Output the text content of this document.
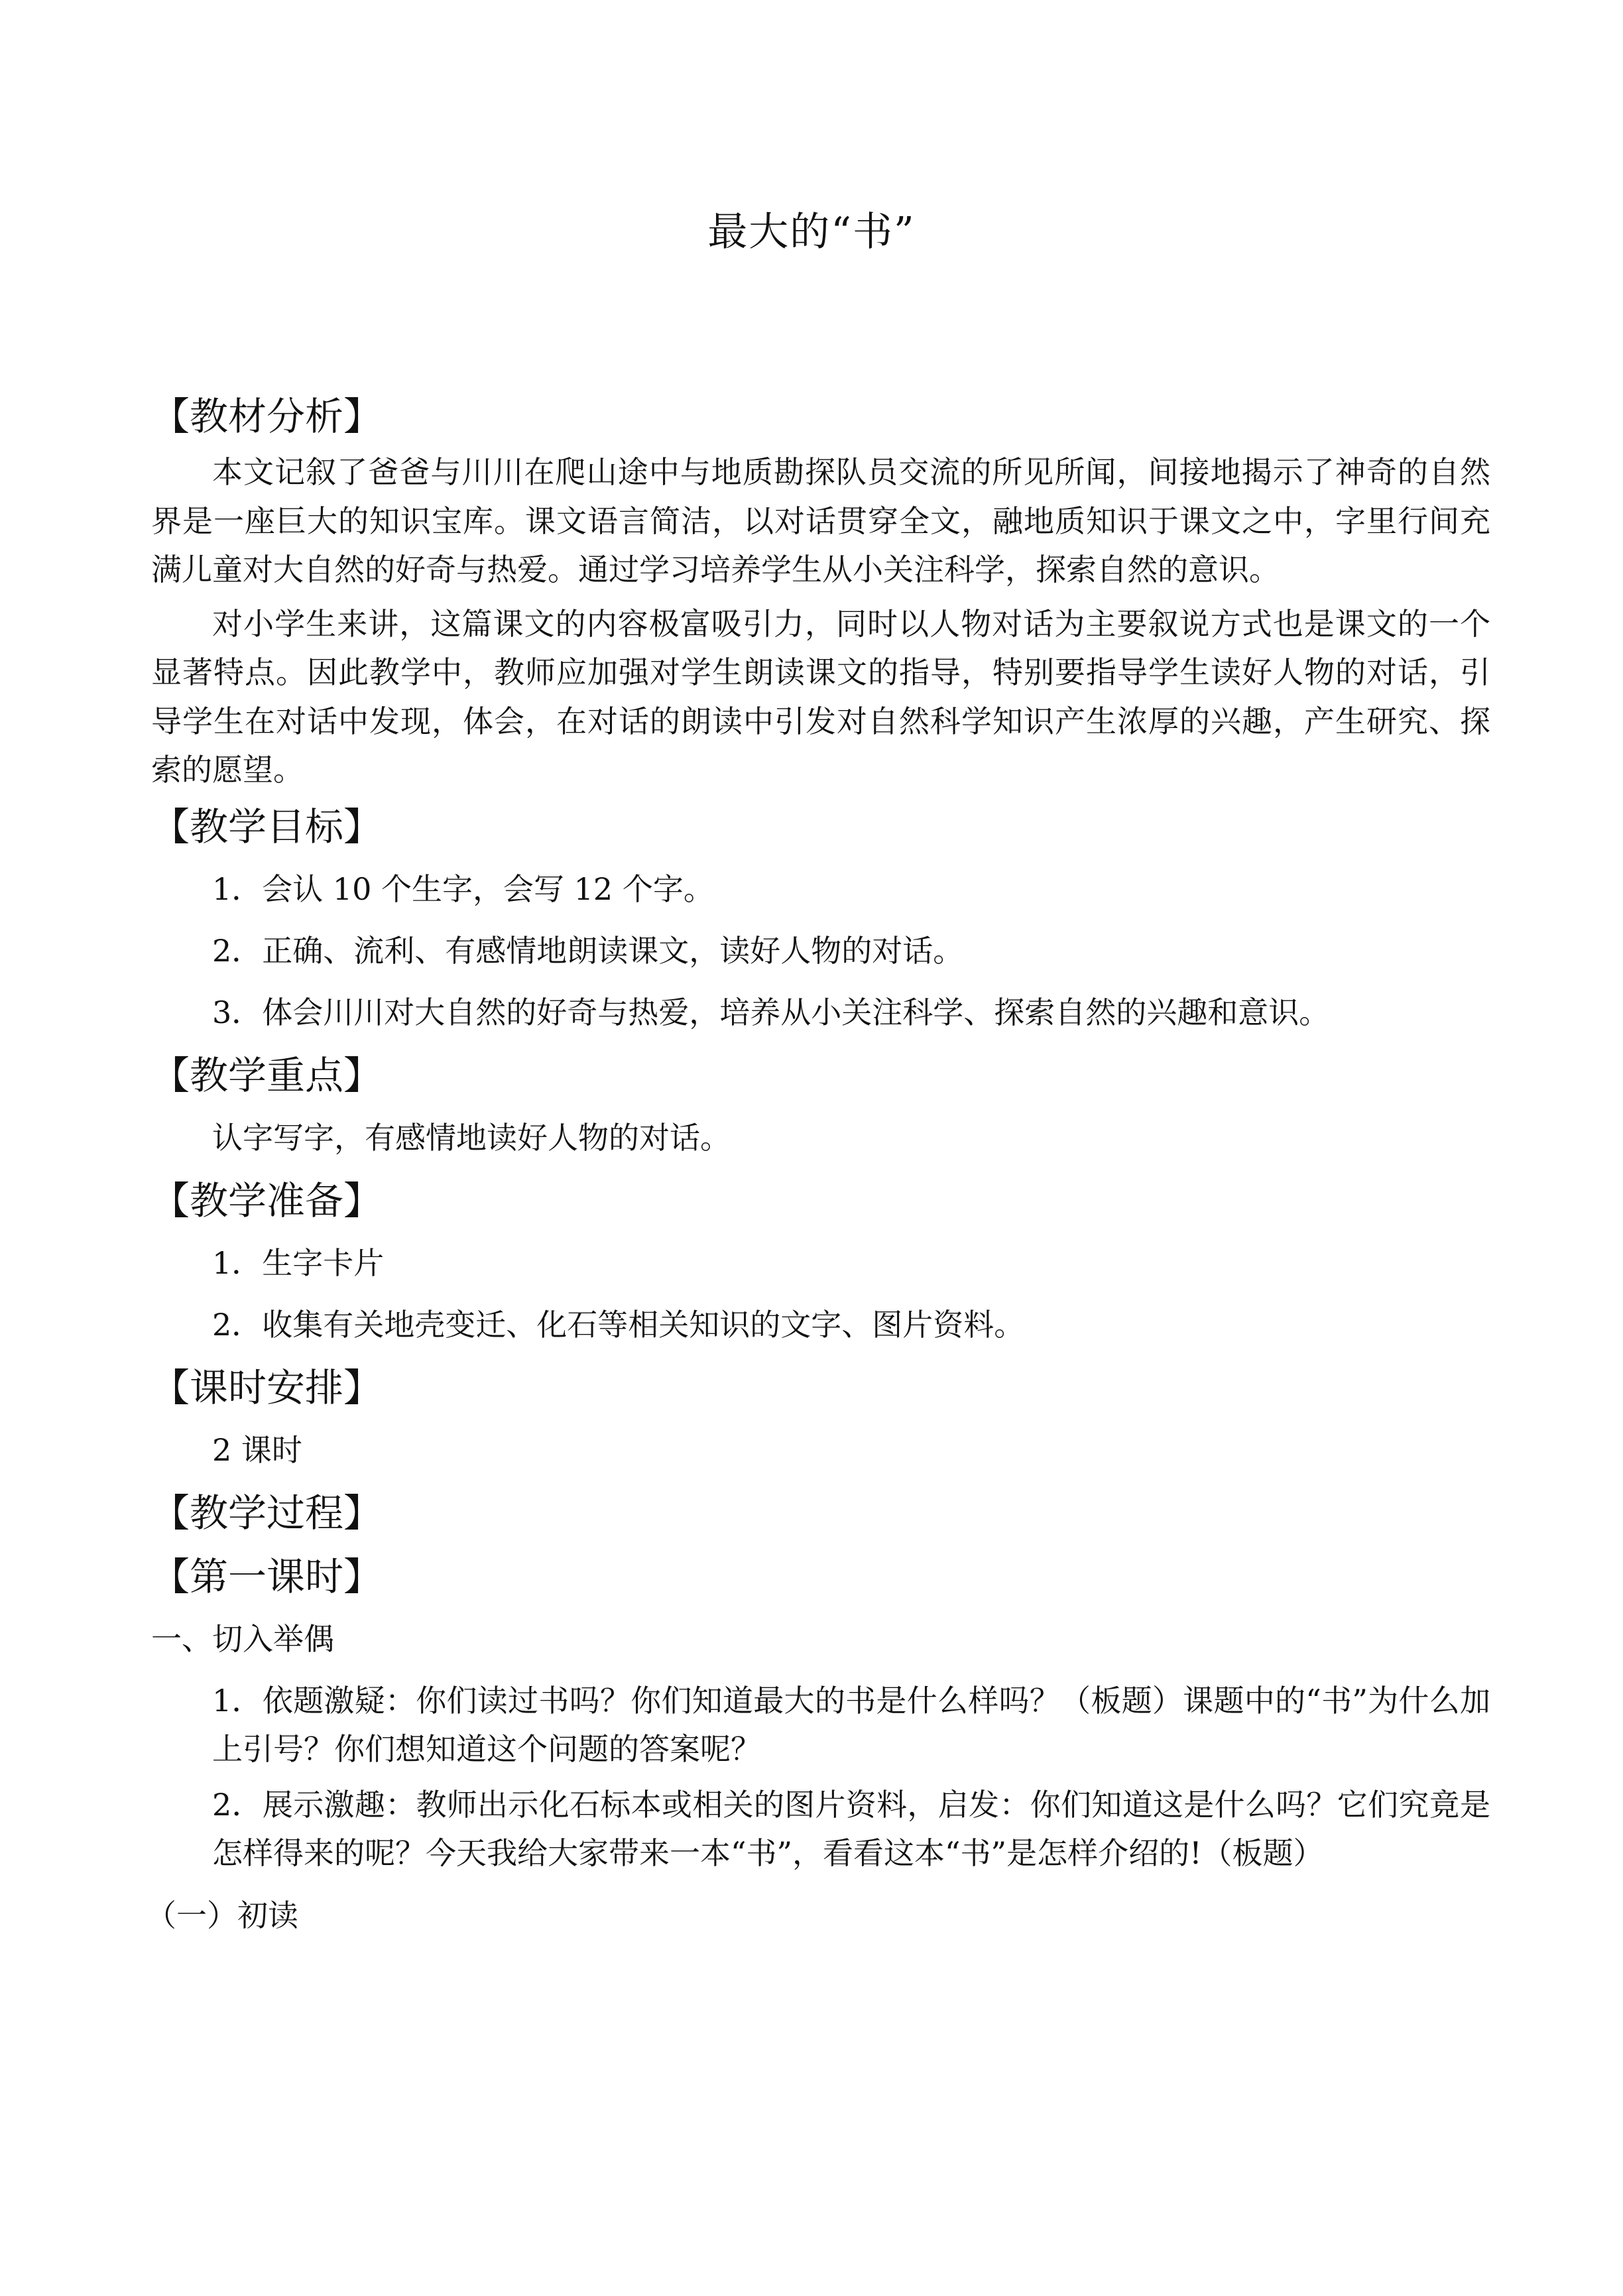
最大的“书”
【教材分析】

本文记叙了爸爸与川川在爬山途中与地质勘探队员交流的所见所闻，间接地揭示了神奇的自然界是一座巨大的知识宝库。课文语言简洁，以对话贯穿全文，融地质知识于课文之中，字里行间充满儿童对大自然的好奇与热爱。通过学习培养学生从小关注科学，探索自然的意识。

对小学生来讲，这篇课文的内容极富吸引力，同时以人物对话为主要叙说方式也是课文的一个显著特点。因此教学中，教师应加强对学生朗读课文的指导，特别要指导学生读好人物的对话，引导学生在对话中发现，体会，在对话的朗读中引发对自然科学知识产生浓厚的兴趣，产生研究、探索的愿望。

【教学目标】
1．会认 10 个生字，会写 12 个字。
2．正确、流利、有感情地朗读课文，读好人物的对话。
3．体会川川对大自然的好奇与热爱，培养从小关注科学、探索自然的兴趣和意识。
【教学重点】
认字写字，有感情地读好人物的对话。
【教学准备】
1．生字卡片
2．收集有关地壳变迁、化石等相关知识的文字、图片资料。
【课时安排】
2 课时
【教学过程】
【第一课时】
一、切入举偶
1．依题激疑：你们读过书吗？你们知道最大的书是什么样吗？（板题）课题中的“书”为什么加上引号？你们想知道这个问题的答案呢？
2．展示激趣：教师出示化石标本或相关的图片资料，启发：你们知道这是什么吗？它们究竟是怎样得来的呢？今天我给大家带来一本“书”，看看这本“书”是怎样介绍的!（板题）
（一）初读
